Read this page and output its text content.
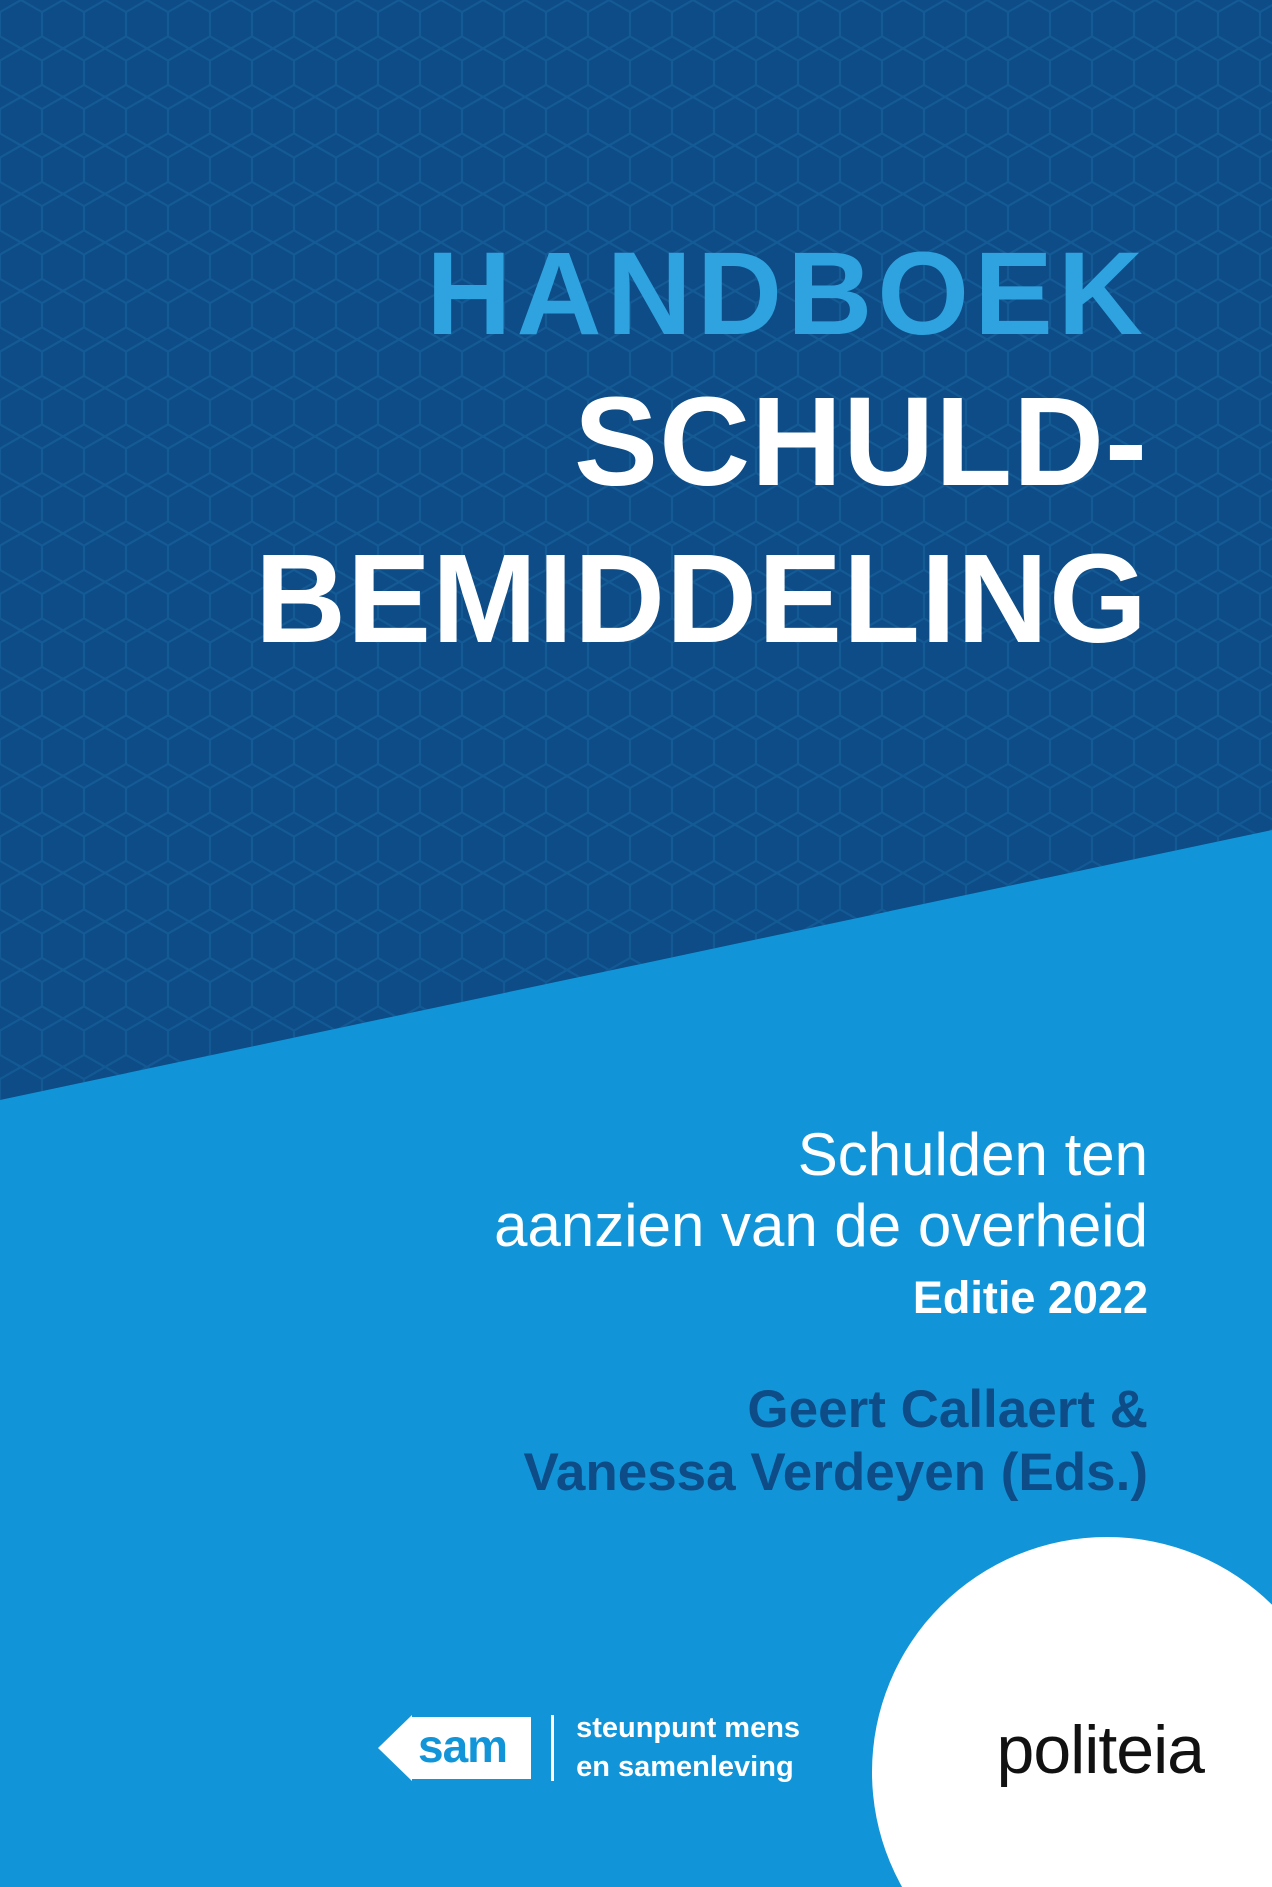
HANDBOEK
SCHULD-
BEMIDDELING
Schulden ten
aanzien van de overheid
Editie 2022
Geert Callaert &
Vanessa Verdeyen (Eds.)
sam	steunpunt mens
en samenleving	politeia
